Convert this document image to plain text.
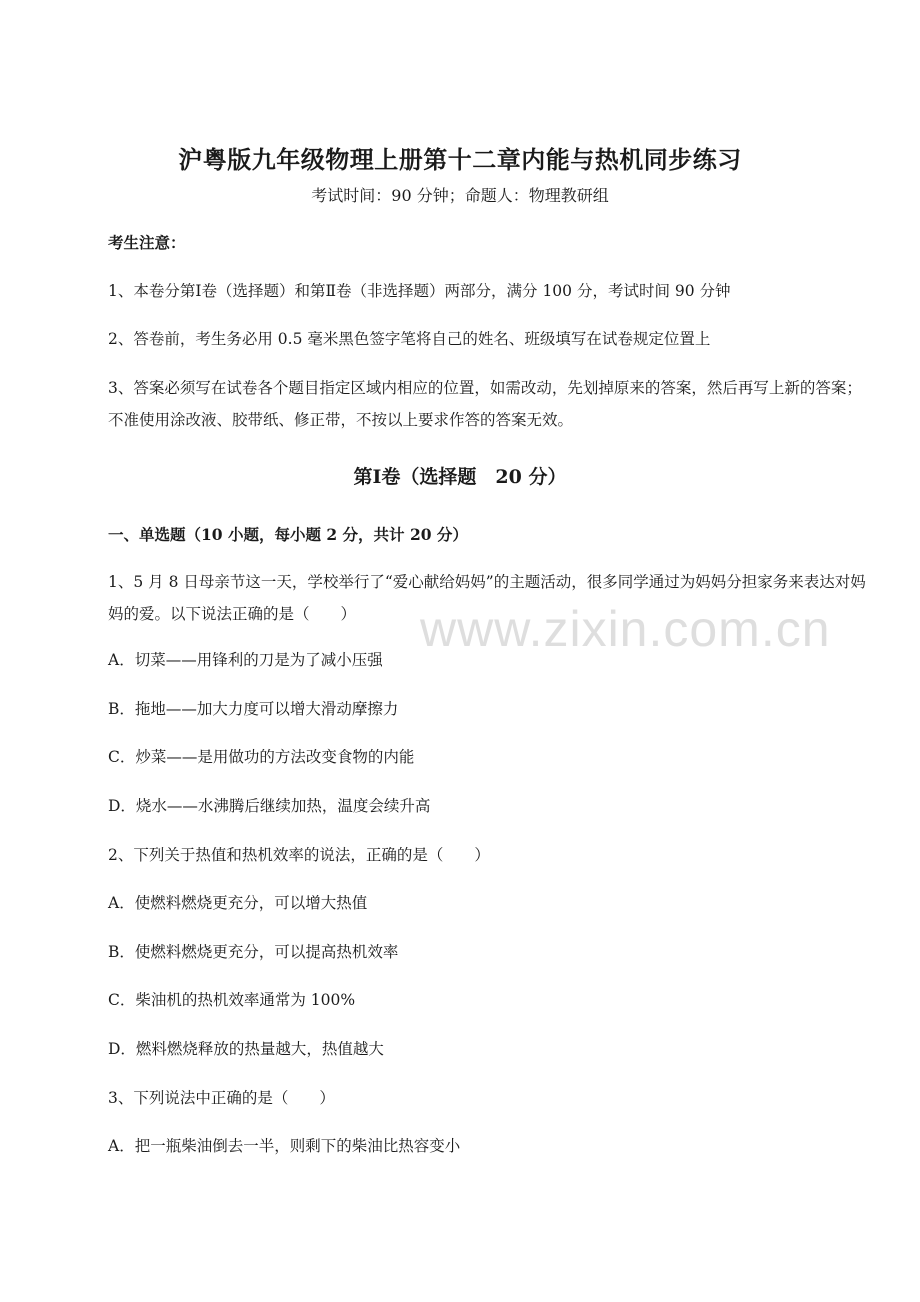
沪粤版九年级物理上册第十二章内能与热机同步练习
考试时间：90 分钟；命题人：物理教研组
考生注意：
1、本卷分第Ⅰ卷（选择题）和第Ⅱ卷（非选择题）两部分，满分 100 分，考试时间 90 分钟
2、答卷前，考生务必用 0.5 毫米黑色签字笔将自己的姓名、班级填写在试卷规定位置上
3、答案必须写在试卷各个题目指定区域内相应的位置，如需改动，先划掉原来的答案，然后再写上新的答案；不准使用涂改液、胶带纸、修正带，不按以上要求作答的答案无效。
第Ⅰ卷（选择题　20 分）
一、单选题（10 小题，每小题 2 分，共计 20 分）
1、5 月 8 日母亲节这一天，学校举行了“爱心献给妈妈”的主题活动，很多同学通过为妈妈分担家务来表达对妈妈的爱。以下说法正确的是（　　）
A．切菜——用锋利的刀是为了减小压强
B．拖地——加大力度可以增大滑动摩擦力
C．炒菜——是用做功的方法改变食物的内能
D．烧水——水沸腾后继续加热，温度会续升高
2、下列关于热值和热机效率的说法，正确的是（　　）
A．使燃料燃烧更充分，可以增大热值
B．使燃料燃烧更充分，可以提高热机效率
C．柴油机的热机效率通常为 100%
D．燃料燃烧释放的热量越大，热值越大
3、下列说法中正确的是（　　）
A．把一瓶柴油倒去一半，则剩下的柴油比热容变小
www.zixin.com.cn
